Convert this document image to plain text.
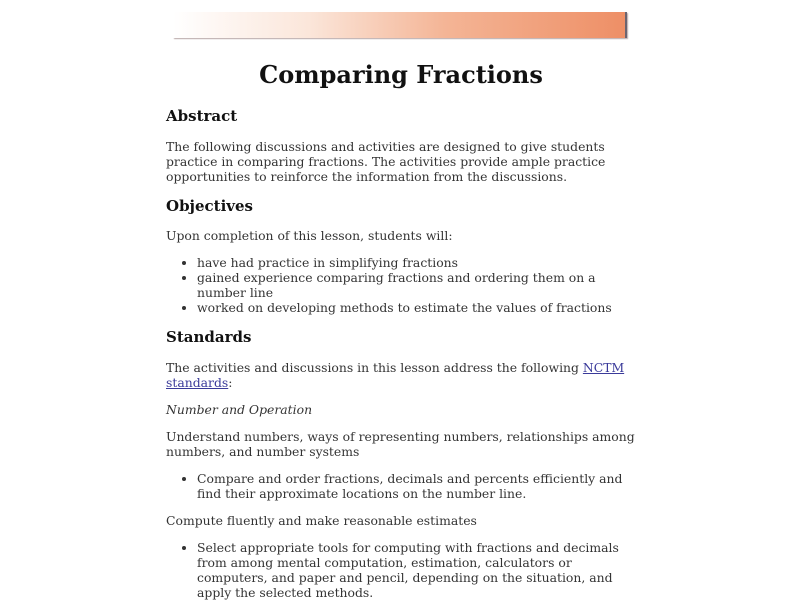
Comparing Fractions
Abstract

The following discussions and activities are designed to give students practice in comparing fractions. The activities provide ample practice opportunities to reinforce the information from the discussions.

Objectives

Upon completion of this lesson, students will:

• have had practice in simplifying fractions
• gained experience comparing fractions and ordering them on a number line
• worked on developing methods to estimate the values of fractions
Standards

The activities and discussions in this lesson address the following NCTM standards:

Number and Operation

Understand numbers, ways of representing numbers, relationships among numbers, and number systems

• Compare and order fractions, decimals and percents efficiently and find their approximate locations on the number line.

Compute fluently and make reasonable estimates

• Select appropriate tools for computing with fractions and decimals from among mental computation, estimation, calculators or computers, and paper and pencil, depending on the situation, and apply the selected methods.
